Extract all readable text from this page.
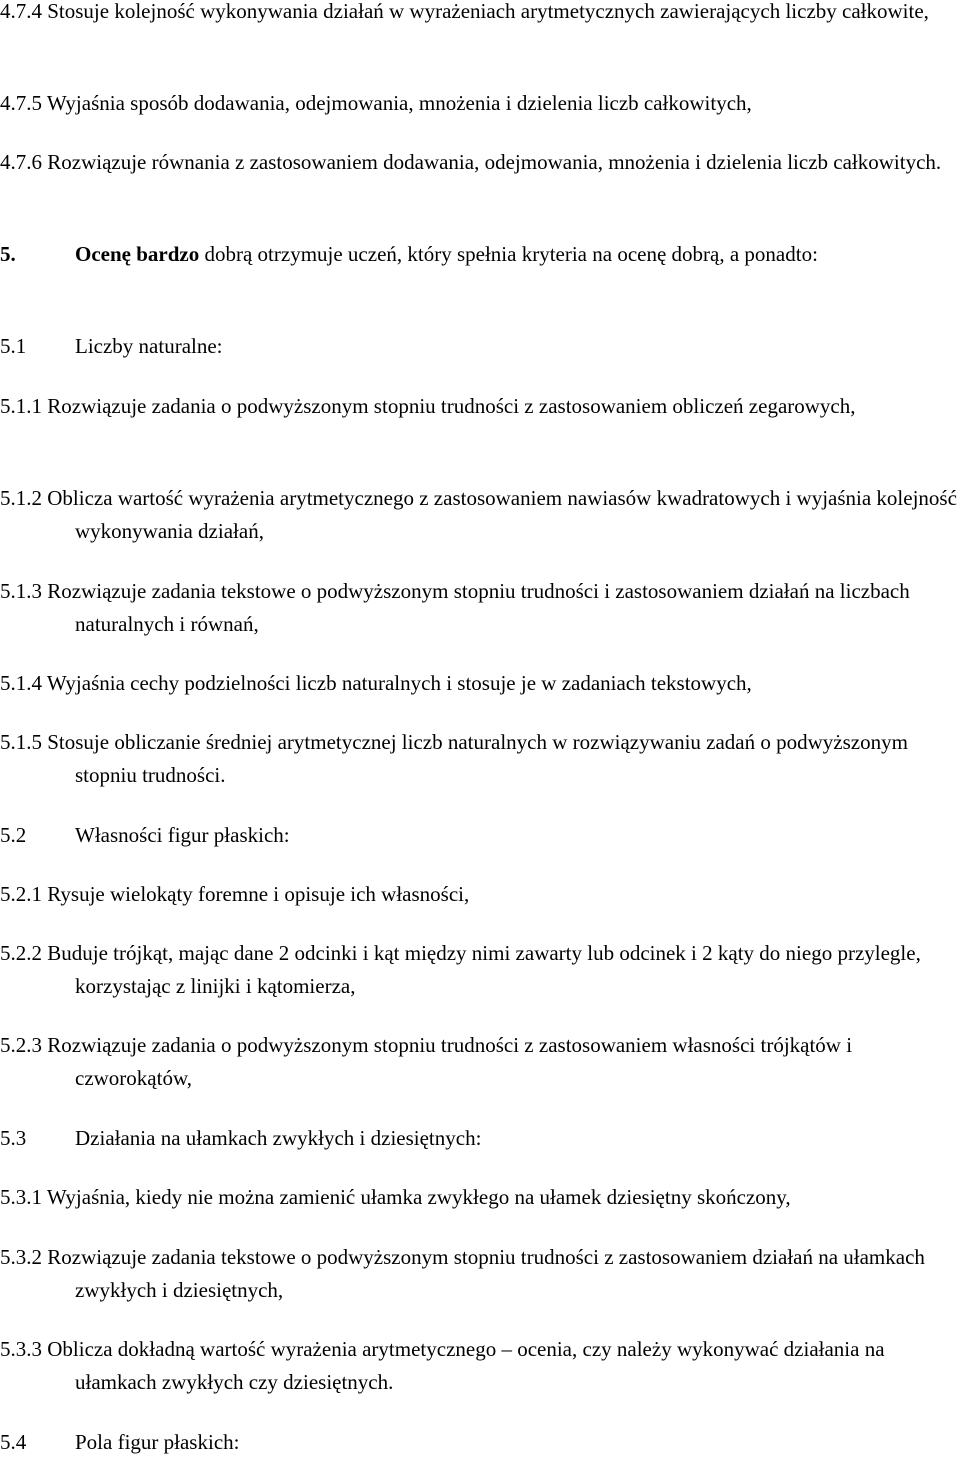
4.7.4 Stosuje kolejność wykonywania działań w wyrażeniach arytmetycznych zawierających liczby całkowite,

4.7.5 Wyjaśnia sposób dodawania, odejmowania, mnożenia i dzielenia liczb całkowitych,

4.7.6 Rozwiązuje równania z zastosowaniem dodawania, odejmowania, mnożenia i dzielenia liczb całkowitych.

5.	Ocenę bardzo dobrą otrzymuje uczeń, który spełnia kryteria na ocenę dobrą, a ponadto:

5.1 Liczby naturalne:

5.1.1 Rozwiązuje zadania o podwyższonym stopniu trudności z zastosowaniem obliczeń zegarowych,

5.1.2 Oblicza wartość wyrażenia arytmetycznego z zastosowaniem nawiasów kwadratowych i wyjaśnia kolejność wykonywania działań,

5.1.3 Rozwiązuje zadania tekstowe o podwyższonym stopniu trudności i zastosowaniem działań na liczbach naturalnych i równań,

5.1.4 Wyjaśnia cechy podzielności liczb naturalnych i stosuje je w zadaniach tekstowych,

5.1.5 Stosuje obliczanie średniej arytmetycznej liczb naturalnych w rozwiązywaniu zadań o podwyższonym stopniu trudności.

5.2 Własności figur płaskich:

5.2.1 Rysuje wielokąty foremne i opisuje ich własności,

5.2.2 Buduje trójkąt, mając dane 2 odcinki i kąt między nimi zawarty lub odcinek i 2 kąty do niego przylegle, korzystając z linijki i kątomierza,

5.2.3 Rozwiązuje zadania o podwyższonym stopniu trudności z zastosowaniem własności trójkątów i czworokątów,

5.3 Działania na ułamkach zwykłych i dziesiętnych:

5.3.1 Wyjaśnia, kiedy nie można zamienić ułamka zwykłego na ułamek dziesiętny skończony,

5.3.2 Rozwiązuje zadania tekstowe o podwyższonym stopniu trudności z zastosowaniem działań na ułamkach zwykłych i dziesiętnych,

5.3.3 Oblicza dokładną wartość wyrażenia arytmetycznego – ocenia, czy należy wykonywać działania na ułamkach zwykłych czy dziesiętnych.

5.4 Pola figur płaskich:
